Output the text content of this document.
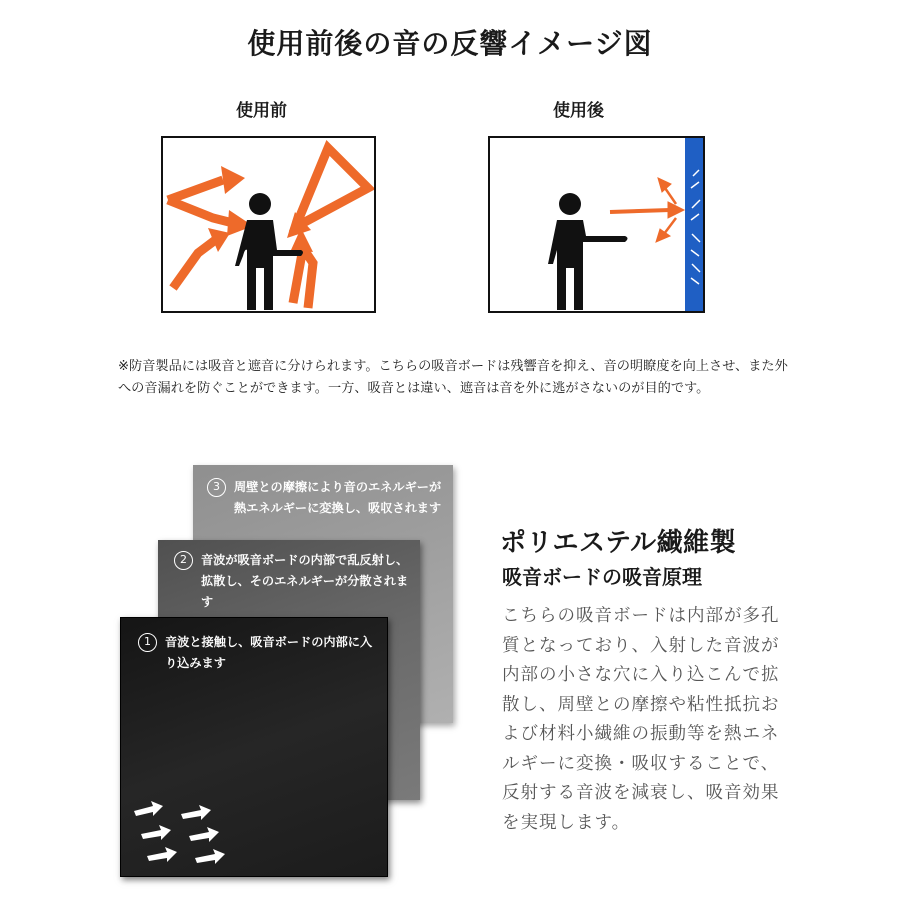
使用前後の音の反響イメージ図
使用前	使用後
※防音製品には吸音と遮音に分けられます。こちらの吸音ボードは残響音を抑え、音の明瞭度を向上させ、また外への音漏れを防ぐことができます。一方、吸音とは違い、遮音は音を外に逃がさないのが目的です。
3	周壁との摩擦により音のエネルギーが熱エネルギーに変換し、吸収されます
2	音波が吸音ボードの内部で乱反射し、拡散し、そのエネルギーが分散されます
1	音波と接触し、吸音ボードの内部に入り込みます
ポリエステル繊維製
吸音ボードの吸音原理
こちらの吸音ボードは内部が多孔質となっており、入射した音波が内部の小さな穴に入り込こんで拡散し、周壁との摩擦や粘性抵抗および材料小繊維の振動等を熱エネルギーに変換・吸収することで、反射する音波を減衰し、吸音効果を実現します。
